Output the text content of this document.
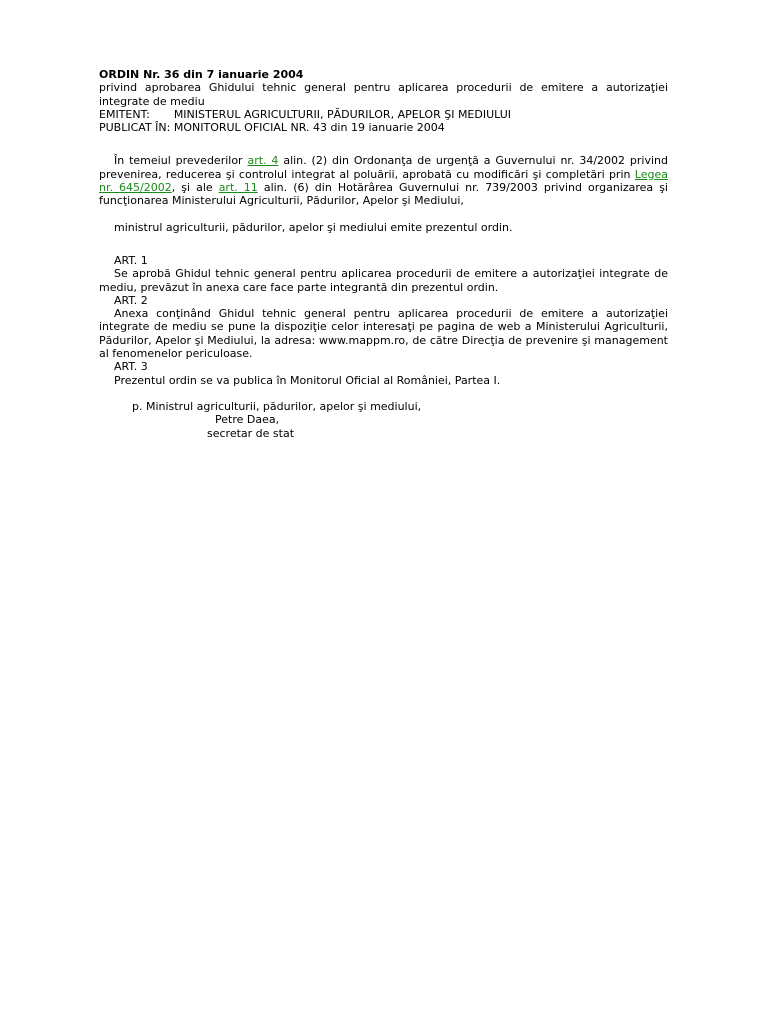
ORDIN Nr. 36 din 7 ianuarie 2004
privind aprobarea Ghidului tehnic general pentru aplicarea procedurii de emitere a autorizaţiei integrate de mediu
EMITENT: MINISTERUL AGRICULTURII, PĂDURILOR, APELOR ŞI MEDIULUI
PUBLICAT ÎN: MONITORUL OFICIAL NR. 43 din 19 ianuarie 2004
În temeiul prevederilor art. 4 alin. (2) din Ordonanţa de urgenţă a Guvernului nr. 34/2002 privind prevenirea, reducerea şi controlul integrat al poluării, aprobată cu modificări şi completări prin Legea nr. 645/2002, şi ale art. 11 alin. (6) din Hotărârea Guvernului nr. 739/2003 privind organizarea şi funcţionarea Ministerului Agriculturii, Pădurilor, Apelor şi Mediului,
ministrul agriculturii, pădurilor, apelor şi mediului emite prezentul ordin.
ART. 1
Se aprobă Ghidul tehnic general pentru aplicarea procedurii de emitere a autorizaţiei integrate de mediu, prevăzut în anexa care face parte integrantă din prezentul ordin.
ART. 2
Anexa conţinând Ghidul tehnic general pentru aplicarea procedurii de emitere a autorizaţiei integrate de mediu se pune la dispoziţie celor interesaţi pe pagina de web a Ministerului Agriculturii, Pădurilor, Apelor şi Mediului, la adresa: www.mappm.ro, de către Direcţia de prevenire şi management al fenomenelor periculoase.
ART. 3
Prezentul ordin se va publica în Monitorul Oficial al României, Partea I.
p. Ministrul agriculturii, pădurilor, apelor şi mediului,
Petre Daea,
secretar de stat
